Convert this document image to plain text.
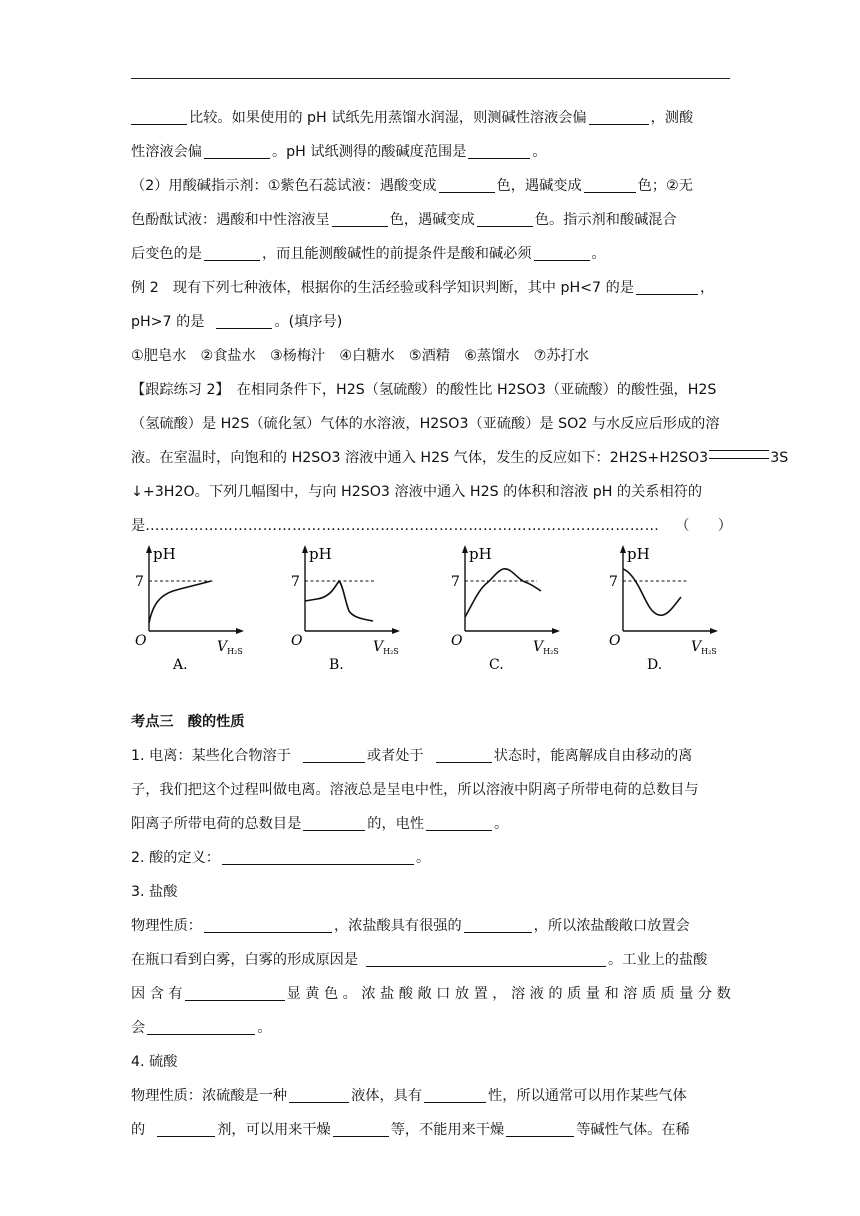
比较。如果使用的 pH 试纸先用蒸馏水润湿，则测碱性溶液会偏	，测酸
性溶液会偏	。pH 试纸测得的酸碱度范围是	。
（2）用酸碱指示剂：①紫色石蕊试液：遇酸变成	色，遇碱变成	色；②无
色酚酞试液：遇酸和中性溶液呈	色，遇碱变成	色。指示剂和酸碱混合
后变色的是	，而且能测酸碱性的前提条件是酸和碱必须	。
例 2　现有下列七种液体，根据你的生活经验或科学知识判断，其中 pH<7 的是	，
pH>7 的是	。(填序号)
①肥皂水　②食盐水　③杨梅汁　④白糖水　⑤酒精　⑥蒸馏水　⑦苏打水
【跟踪练习 2】　在相同条件下，H2S（氢硫酸）的酸性比 H2SO3（亚硫酸）的酸性强，H2S
（氢硫酸）是 H2S（硫化氢）气体的水溶液，H2SO3（亚硫酸）是 SO2 与水反应后形成的溶
液。在室温时，向饱和的 H2SO3 溶液中通入 H2S 气体，发生的反应如下：2H2S+H2SO3	3S
↓+3H2O。下列几幅图中，与向 H2SO3 溶液中通入 H2S 的体积和溶液 pH 的关系相符的
是…………………………………………………………………………………………… （　　）
pH
7
O	$V_{H_2S}$
A.
pH
7
O	$V_{H_2S}$
B.
pH
7
O	$V_{H_2S}$
C.
pH
7
O	$V_{H_2S}$
D.
考点三　酸的性质
1. 电离：某些化合物溶于	或者处于	状态时，能离解成自由移动的离
子，我们把这个过程叫做电离。溶液总是呈电中性，所以溶液中阴离子所带电荷的总数目与
阳离子所带电荷的总数目是	的，电性	。
2. 酸的定义：	。
3. 盐酸
物理性质：	，浓盐酸具有很强的	，所以浓盐酸敞口放置会
在瓶口看到白雾，白雾的形成原因是	。工业上的盐酸
因 含 有	显 黄 色 。 浓 盐 酸 敞 口 放 置 ， 溶 液 的 质 量 和 溶 质 质 量 分 数
会	。
4. 硫酸
物理性质：浓硫酸是一种	液体，具有	性，所以通常可以用作某些气体
的	剂，可以用来干燥	等，不能用来干燥	等碱性气体。在稀
